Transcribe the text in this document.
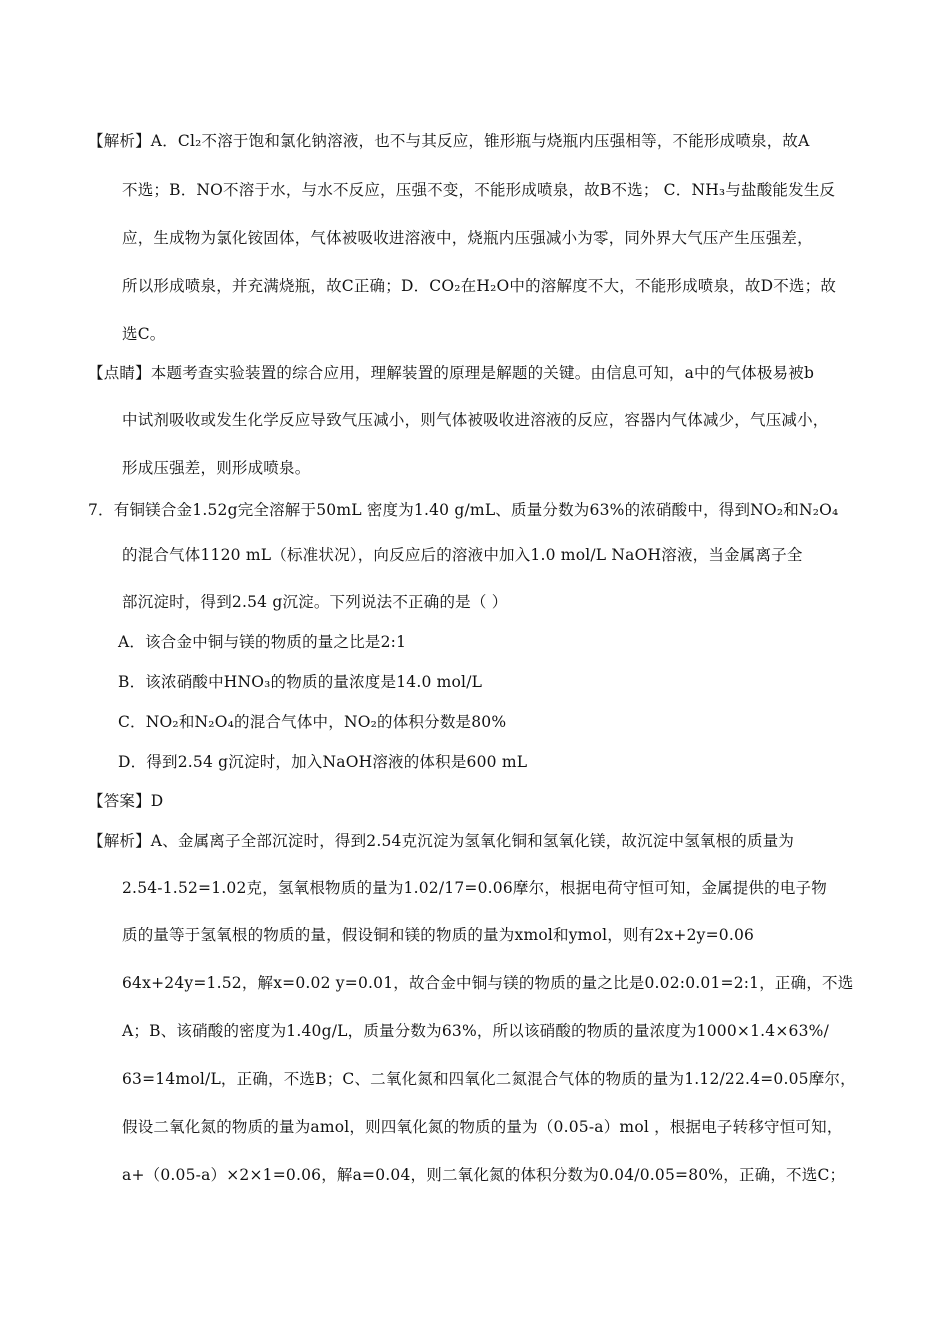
【解析】A．Cl₂不溶于饱和氯化钠溶液，也不与其反应，锥形瓶与烧瓶内压强相等，不能形成喷泉，故A
不选；B．NO不溶于水，与水不反应，压强不变，不能形成喷泉，故B不选； C．NH₃与盐酸能发生反
应，生成物为氯化铵固体，气体被吸收进溶液中，烧瓶内压强减小为零，同外界大气压产生压强差，
所以形成喷泉，并充满烧瓶，故C正确；D．CO₂在H₂O中的溶解度不大，不能形成喷泉，故D不选；故
选C。
【点睛】本题考查实验装置的综合应用，理解装置的原理是解题的关键。由信息可知，a中的气体极易被b
中试剂吸收或发生化学反应导致气压减小，则气体被吸收进溶液的反应，容器内气体减少，气压减小，
形成压强差，则形成喷泉。
7．有铜镁合金1.52g完全溶解于50mL 密度为1.40 g/mL、质量分数为63%的浓硝酸中，得到NO₂和N₂O₄
的混合气体1120 mL（标准状况），向反应后的溶液中加入1.0 mol/L NaOH溶液，当金属离子全
部沉淀时，得到2.54 g沉淀。下列说法不正确的是（ ）
A．该合金中铜与镁的物质的量之比是2:1
B．该浓硝酸中HNO₃的物质的量浓度是14.0 mol/L
C．NO₂和N₂O₄的混合气体中，NO₂的体积分数是80%
D．得到2.54 g沉淀时，加入NaOH溶液的体积是600 mL
【答案】D
【解析】A、金属离子全部沉淀时，得到2.54克沉淀为氢氧化铜和氢氧化镁，故沉淀中氢氧根的质量为
2.54-1.52=1.02克，氢氧根物质的量为1.02/17=0.06摩尔，根据电荷守恒可知，金属提供的电子物
质的量等于氢氧根的物质的量，假设铜和镁的物质的量为xmol和ymol，则有2x+2y=0.06
64x+24y=1.52，解x=0.02 y=0.01，故合金中铜与镁的物质的量之比是0.02:0.01=2:1，正确，不选
A；B、该硝酸的密度为1.40g/L，质量分数为63%，所以该硝酸的物质的量浓度为1000×1.4×63%/
63=14mol/L，正确，不选B；C、二氧化氮和四氧化二氮混合气体的物质的量为1.12/22.4=0.05摩尔，
假设二氧化氮的物质的量为amol，则四氧化氮的物质的量为（0.05-a）mol ，根据电子转移守恒可知，
a+（0.05-a）×2×1=0.06，解a=0.04，则二氧化氮的体积分数为0.04/0.05=80%，正确，不选C；
